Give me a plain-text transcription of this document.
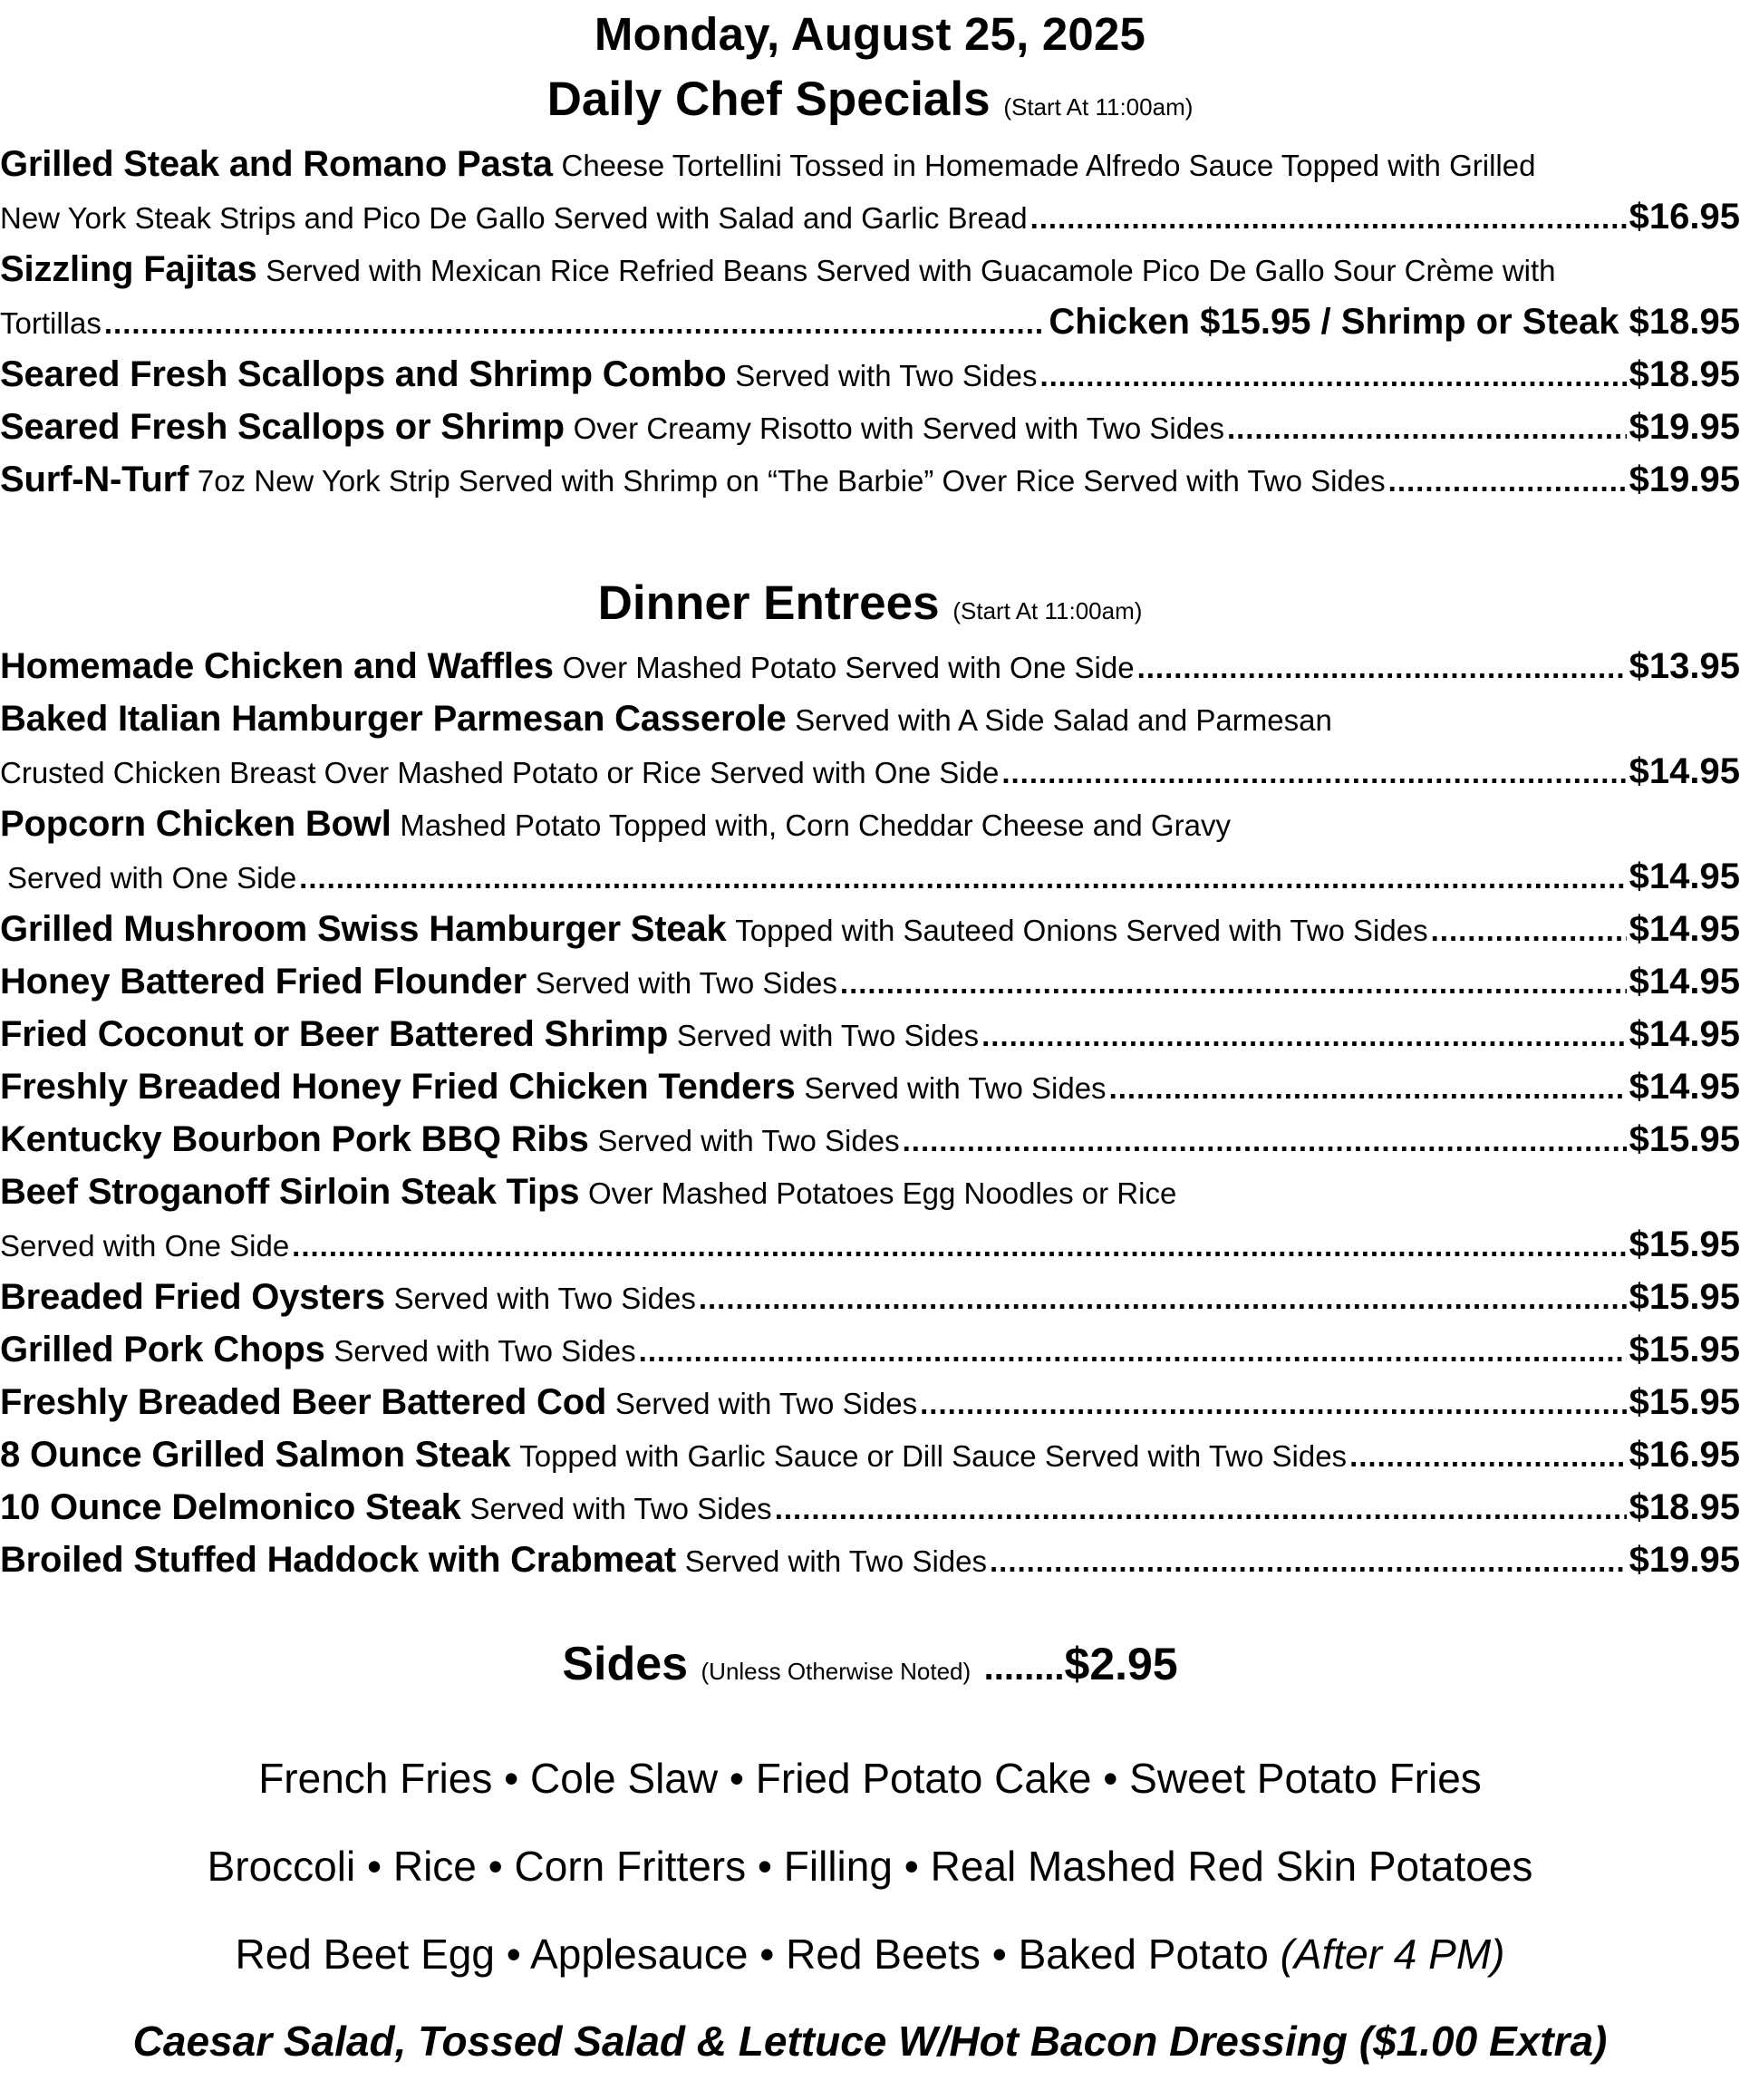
Monday, August 25, 2025
Daily Chef Specials (Start At 11:00am)
Grilled Steak and Romano Pasta Cheese Tortellini Tossed in Homemade Alfredo Sauce Topped with Grilled
New York Steak Strips and Pico De Gallo Served with Salad and Garlic Bread .....	$16.95
Sizzling Fajitas Served with Mexican Rice Refried Beans Served with Guacamole Pico De Gallo Sour Crème with
Tortillas .....	Chicken $15.95 / Shrimp or Steak $18.95
Seared Fresh Scallops and Shrimp Combo
Served with Two Sides .....	$18.95
Seared Fresh Scallops or Shrimp
Over Creamy Risotto with Served with Two Sides .....	$19.95
Surf-N-Turf
7oz New York Strip Served with Shrimp on “The Barbie” Over Rice Served with Two Sides .....	$19.95
Dinner Entrees (Start At 11:00am)
Homemade Chicken and Waffles
Over Mashed Potato Served with One Side .....	$13.95
Baked Italian Hamburger Parmesan Casserole Served with A Side Salad and Parmesan
Crusted Chicken Breast Over Mashed Potato or Rice Served with One Side .....	$14.95
Popcorn Chicken Bowl Mashed Potato Topped with, Corn Cheddar Cheese and Gravy
Served with One Side .....	$14.95
Grilled Mushroom Swiss Hamburger Steak
Topped with Sauteed Onions Served with Two Sides .....	$14.95
Honey Battered Fried Flounder
Served with Two Sides .....	$14.95
Fried Coconut or Beer Battered Shrimp
Served with Two Sides .....	$14.95
Freshly Breaded Honey Fried Chicken Tenders
Served with Two Sides .....	$14.95
Kentucky Bourbon Pork BBQ Ribs
Served with Two Sides .....	$15.95
Beef Stroganoff Sirloin Steak Tips Over Mashed Potatoes Egg Noodles or Rice
Served with One Side .....	$15.95
Breaded Fried Oysters
Served with Two Sides .....	$15.95
Grilled Pork Chops
Served with Two Sides .....	$15.95
Freshly Breaded Beer Battered Cod
Served with Two Sides .....	$15.95
8 Ounce Grilled Salmon Steak
Topped with Garlic Sauce or Dill Sauce Served with Two Sides .....	$16.95
10 Ounce Delmonico Steak
Served with Two Sides .....	$18.95
Broiled Stuffed Haddock with Crabmeat
Served with Two Sides .....	$19.95
Sides (Unless Otherwise Noted) ........$2.95
French Fries • Cole Slaw • Fried Potato Cake • Sweet Potato Fries
Broccoli • Rice • Corn Fritters • Filling • Real Mashed Red Skin Potatoes
Red Beet Egg • Applesauce • Red Beets • Baked Potato (After 4 PM)
Caesar Salad, Tossed Salad & Lettuce W/Hot Bacon Dressing ($1.00 Extra)
